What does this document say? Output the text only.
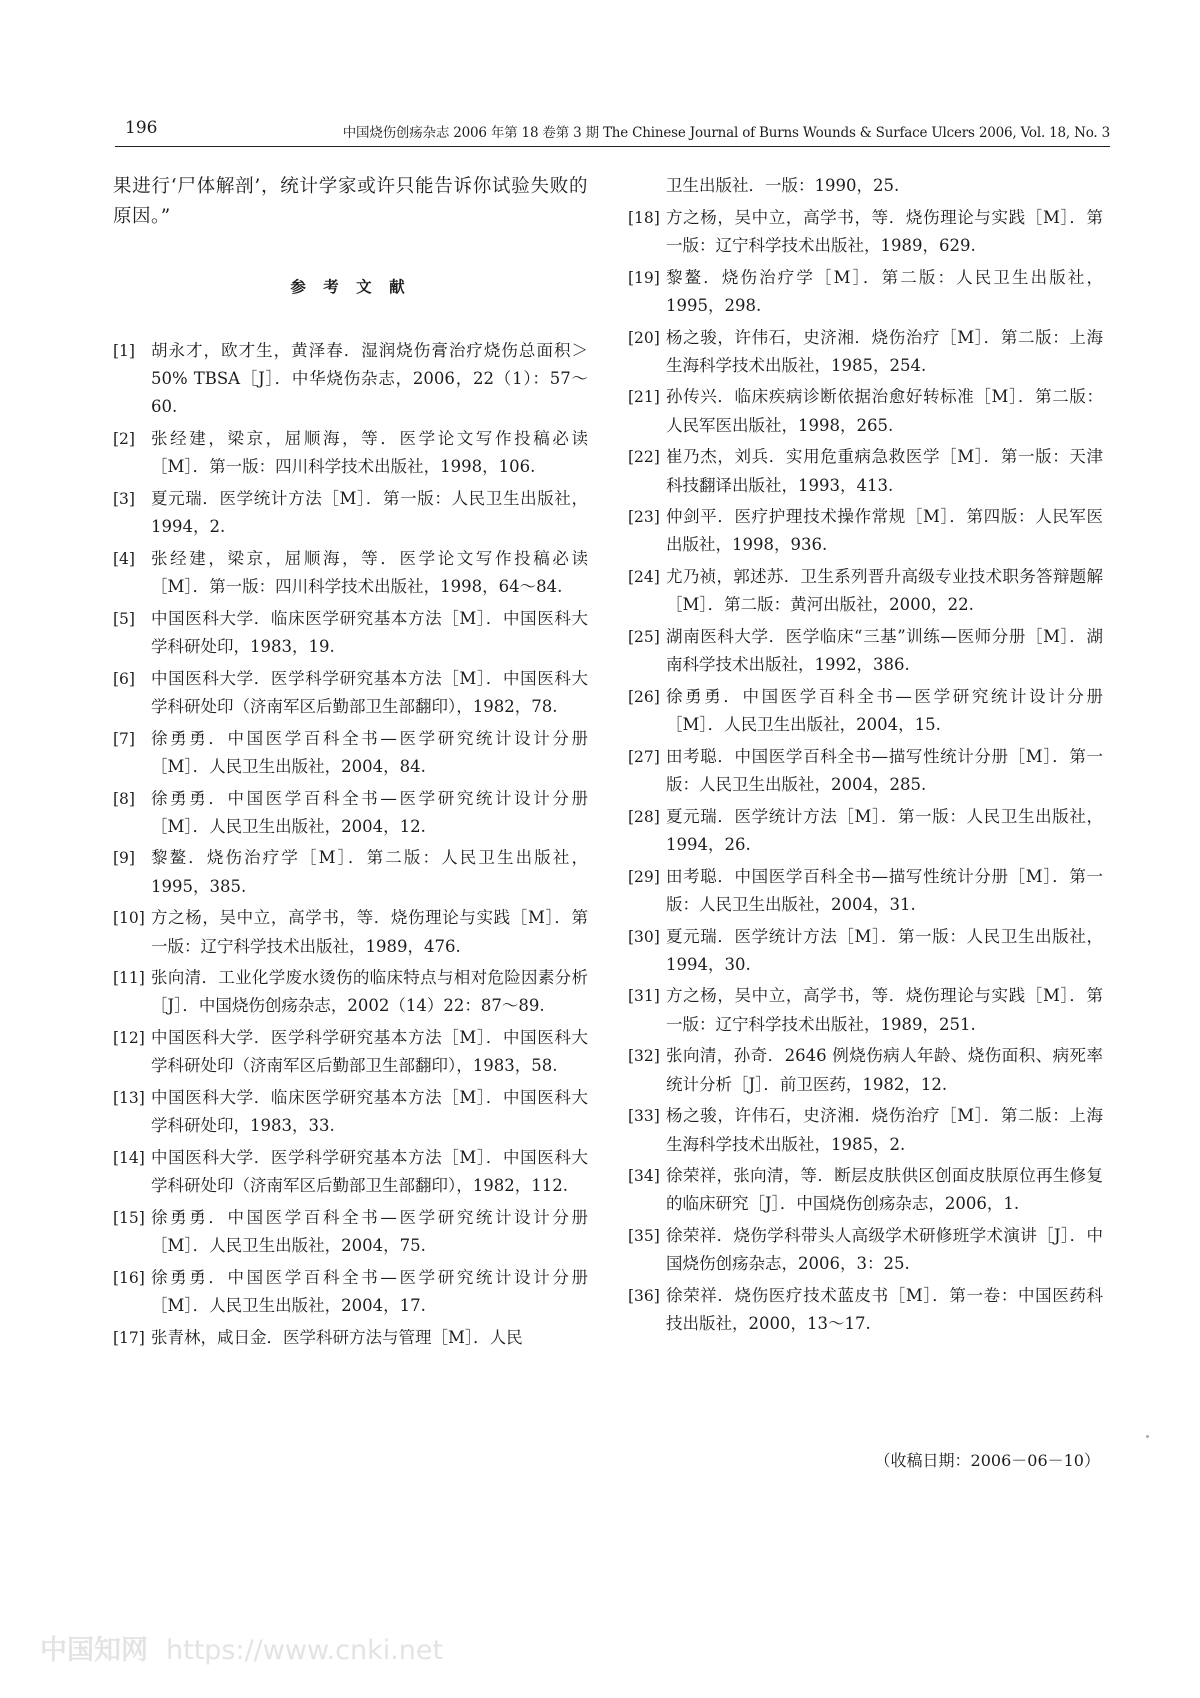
196	中国烧伤创疡杂志 2006 年第 18 卷第 3 期 The Chinese Journal of Burns Wounds & Surface Ulcers 2006, Vol. 18, No. 3

果进行‘尸体解剖’，统计学家或许只能告诉你试验失败的原因。”

参 考 文 献
[1] 胡永才，欧才生，黄泽春．湿润烧伤膏治疗烧伤总面积＞50% TBSA［J］．中华烧伤杂志，2006，22（1）：57～60.
[2] 张经建，梁京，屈顺海，等．医学论文写作投稿必读［M］．第一版：四川科学技术出版社，1998，106.
[3] 夏元瑞．医学统计方法［M］．第一版：人民卫生出版社，1994，2.
[4] 张经建，梁京，屈顺海，等．医学论文写作投稿必读［M］．第一版：四川科学技术出版社，1998，64～84.
[5] 中国医科大学．临床医学研究基本方法［M］．中国医科大学科研处印，1983，19.
[6] 中国医科大学．医学科学研究基本方法［M］．中国医科大学科研处印（济南军区后勤部卫生部翻印），1982，78.
[7] 徐勇勇．中国医学百科全书—医学研究统计设计分册［M］．人民卫生出版社，2004，84.
[8] 徐勇勇．中国医学百科全书—医学研究统计设计分册［M］．人民卫生出版社，2004，12.
[9] 黎鳌．烧伤治疗学［M］．第二版：人民卫生出版社，1995，385.
[10] 方之杨，吴中立，高学书，等．烧伤理论与实践［M］．第一版：辽宁科学技术出版社，1989，476.
[11] 张向清．工业化学废水烫伤的临床特点与相对危险因素分析［J］．中国烧伤创疡杂志，2002（14）22：87～89.
[12] 中国医科大学．医学科学研究基本方法［M］．中国医科大学科研处印（济南军区后勤部卫生部翻印），1983，58.
[13] 中国医科大学．临床医学研究基本方法［M］．中国医科大学科研处印，1983，33.
[14] 中国医科大学．医学科学研究基本方法［M］．中国医科大学科研处印（济南军区后勤部卫生部翻印），1982，112.
[15] 徐勇勇．中国医学百科全书—医学研究统计设计分册［M］．人民卫生出版社，2004，75.
[16] 徐勇勇．中国医学百科全书—医学研究统计设计分册［M］．人民卫生出版社，2004，17.
[17] 张青林，咸日金．医学科研方法与管理［M］．人民
卫生出版社．一版：1990，25.
[18] 方之杨，吴中立，高学书，等．烧伤理论与实践［M］．第一版：辽宁科学技术出版社，1989，629.
[19] 黎鳌．烧伤治疗学［M］．第二版：人民卫生出版社，1995，298.
[20] 杨之骏，许伟石，史济湘．烧伤治疗［M］．第二版：上海生海科学技术出版社，1985，254.
[21] 孙传兴．临床疾病诊断依据治愈好转标准［M］．第二版：人民军医出版社，1998，265.
[22] 崔乃杰，刘兵．实用危重病急救医学［M］．第一版：天津科技翻译出版社，1993，413.
[23] 仲剑平．医疗护理技术操作常规［M］．第四版：人民军医出版社，1998，936.
[24] 尤乃祯，郭述苏．卫生系列晋升高级专业技术职务答辩题解［M］．第二版：黄河出版社，2000，22.
[25] 湖南医科大学．医学临床“三基”训练—医师分册［M］．湖南科学技术出版社，1992，386.
[26] 徐勇勇．中国医学百科全书—医学研究统计设计分册［M］．人民卫生出版社，2004，15.
[27] 田考聪．中国医学百科全书—描写性统计分册［M］．第一版：人民卫生出版社，2004，285.
[28] 夏元瑞．医学统计方法［M］．第一版：人民卫生出版社，1994，26.
[29] 田考聪．中国医学百科全书—描写性统计分册［M］．第一版：人民卫生出版社，2004，31.
[30] 夏元瑞．医学统计方法［M］．第一版：人民卫生出版社，1994，30.
[31] 方之杨，吴中立，高学书，等．烧伤理论与实践［M］．第一版：辽宁科学技术出版社，1989，251.
[32] 张向清，孙奇．2646 例烧伤病人年龄、烧伤面积、病死率统计分析［J］．前卫医药，1982，12.
[33] 杨之骏，许伟石，史济湘．烧伤治疗［M］．第二版：上海生海科学技术出版社，1985，2.
[34] 徐荣祥，张向清，等．断层皮肤供区创面皮肤原位再生修复的临床研究［J］．中国烧伤创疡杂志，2006，1.
[35] 徐荣祥．烧伤学科带头人高级学术研修班学术演讲［J］．中国烧伤创疡杂志，2006，3：25.
[36] 徐荣祥．烧伤医疗技术蓝皮书［M］．第一卷：中国医药科技出版社，2000，13～17.
（收稿日期：2006－06－10）
中国知网 https://www.cnki.net
